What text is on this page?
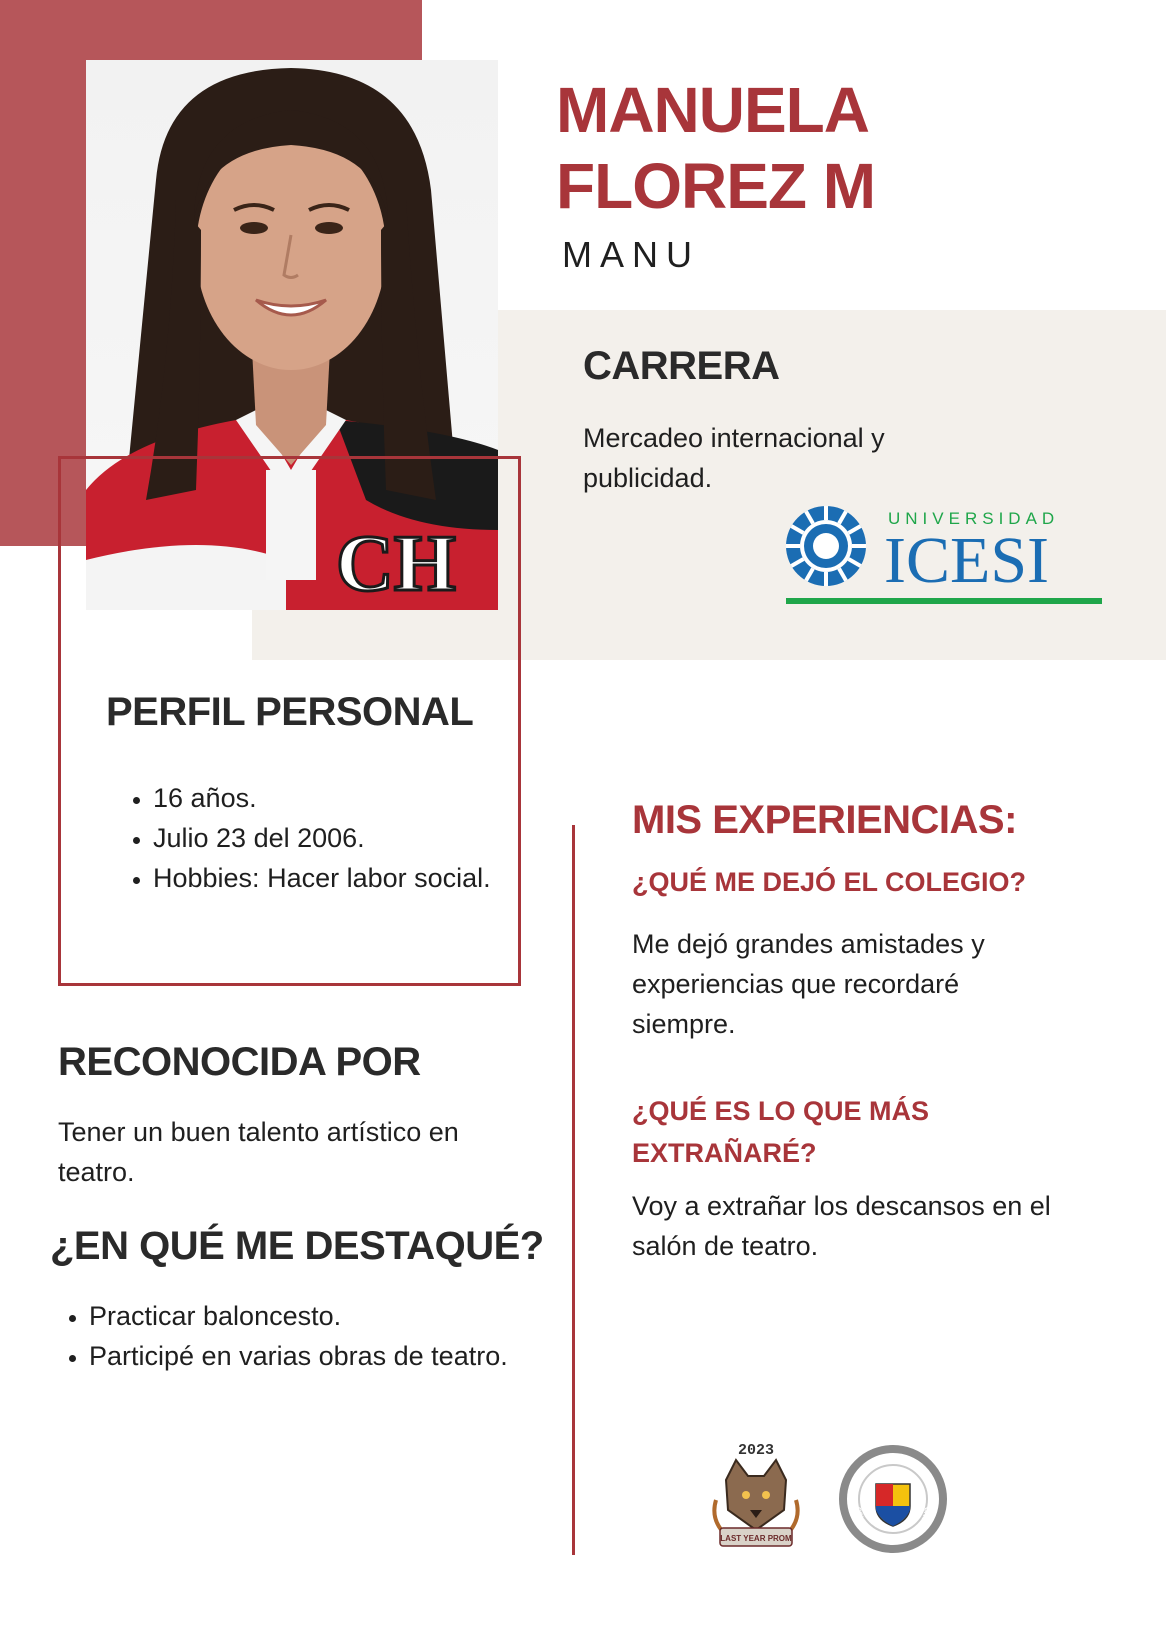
CH
MANUELA
FLOREZ M
MANU
CARRERA

Mercadeo internacional y publicidad.

UNIVERSIDAD
ICESI
PERFIL PERSONAL
• 16 años.
• Julio 23 del 2006.
• Hobbies: Hacer labor social.
RECONOCIDA POR

Tener un buen talento artístico en teatro.

¿EN QUÉ ME DESTAQUÉ?
• Practicar baloncesto.
• Participé en varias obras de teatro.
MIS EXPERIENCIAS:
¿QUÉ ME DEJÓ EL COLEGIO?

Me dejó grandes amistades y experiencias que recordaré siempre.

¿QUÉ ES LO QUE MÁS EXTRAÑARÉ?

Voy a extrañar los descansos en el salón de teatro.

2023
LAST YEAR PROM
COLEGIO HISPANOAMERICANO
